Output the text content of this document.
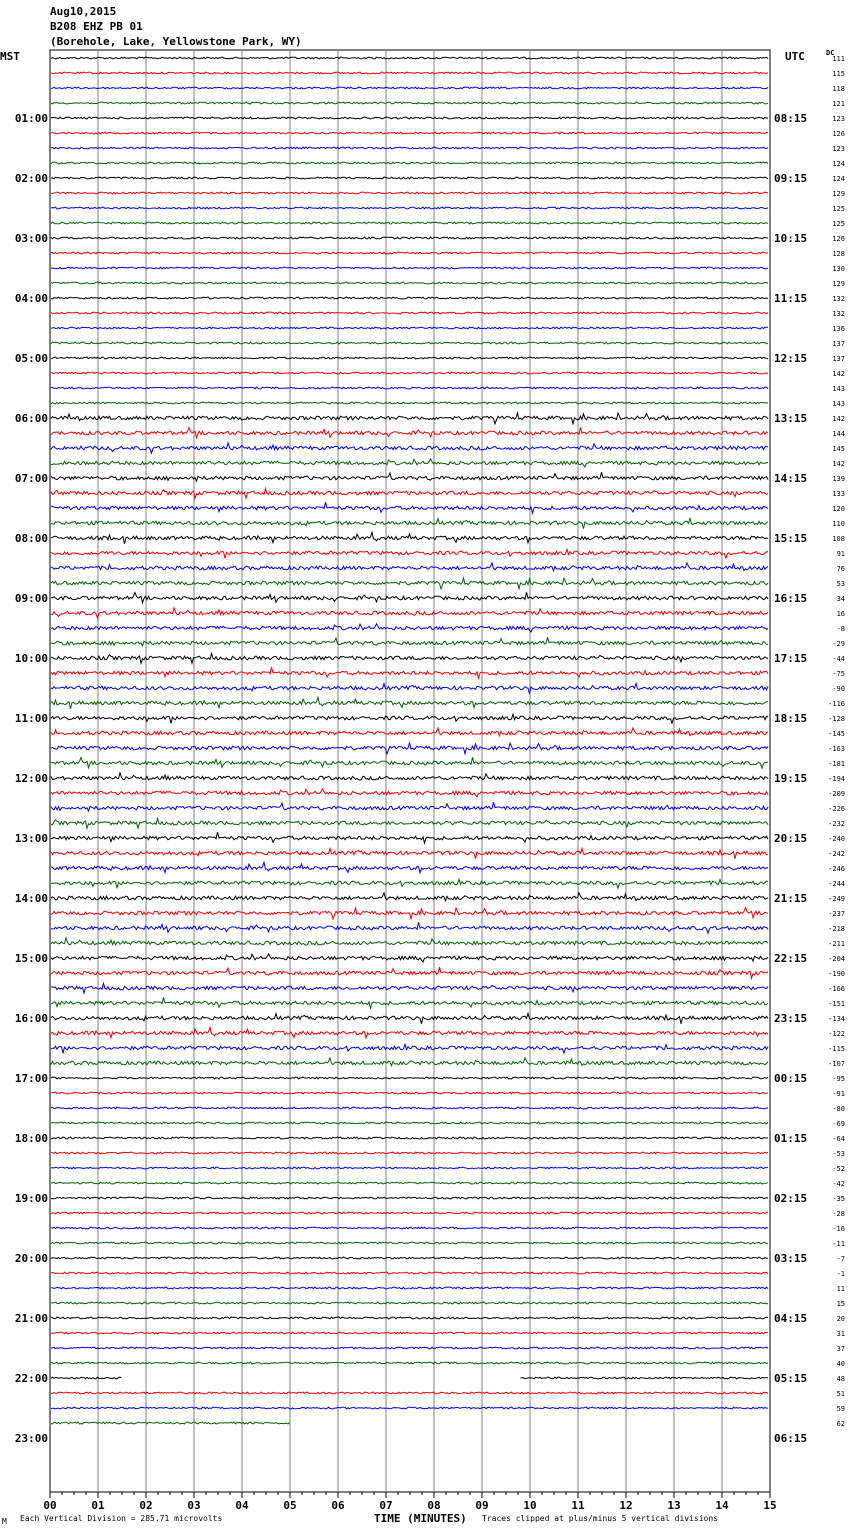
Aug10,2015
B208 EHZ PB 01
(Borehole, Lake, Yellowstone Park, WY)
MST	UTC	DC
00	01	02	03	04	05	06	07	08	09	10	11	12	13	14	15
111
115
118
121
123
126
123
124
124
129
125
125
126
128
130
129
132
132
136
137
137
142
143
143
142
144
145
142
139
133
120
110
108
91
76
53
34
16
-8
-29
-44
-75
-90
-116
-128
-145
-163
-181
-194
-209
-226
-232
-240
-242
-246
-244
-249
-237
-218
-211
-204
-190
-166
-151
-134
-122
-115
-107
-95
-91
-80
-69
-64
-53
-52
-42
-35
-28
-16
-11
-7
-1
11
15
20
31
37
40
48
51
59
62
01:00	08:15
02:00	09:15
03:00	10:15
04:00	11:15
05:00	12:15
06:00	13:15
07:00	14:15
08:00	15:15
09:00	16:15
10:00	17:15
11:00	18:15
12:00	19:15
13:00	20:15
14:00	21:15
15:00	22:15
16:00	23:15
17:00	00:15
18:00	01:15
19:00	02:15
20:00	03:15
21:00	04:15
22:00	05:15
23:00	06:15
M Each Vertical Division = 285.71 microvolts	TIME (MINUTES) Traces clipped at plus/minus 5 vertical divisions
